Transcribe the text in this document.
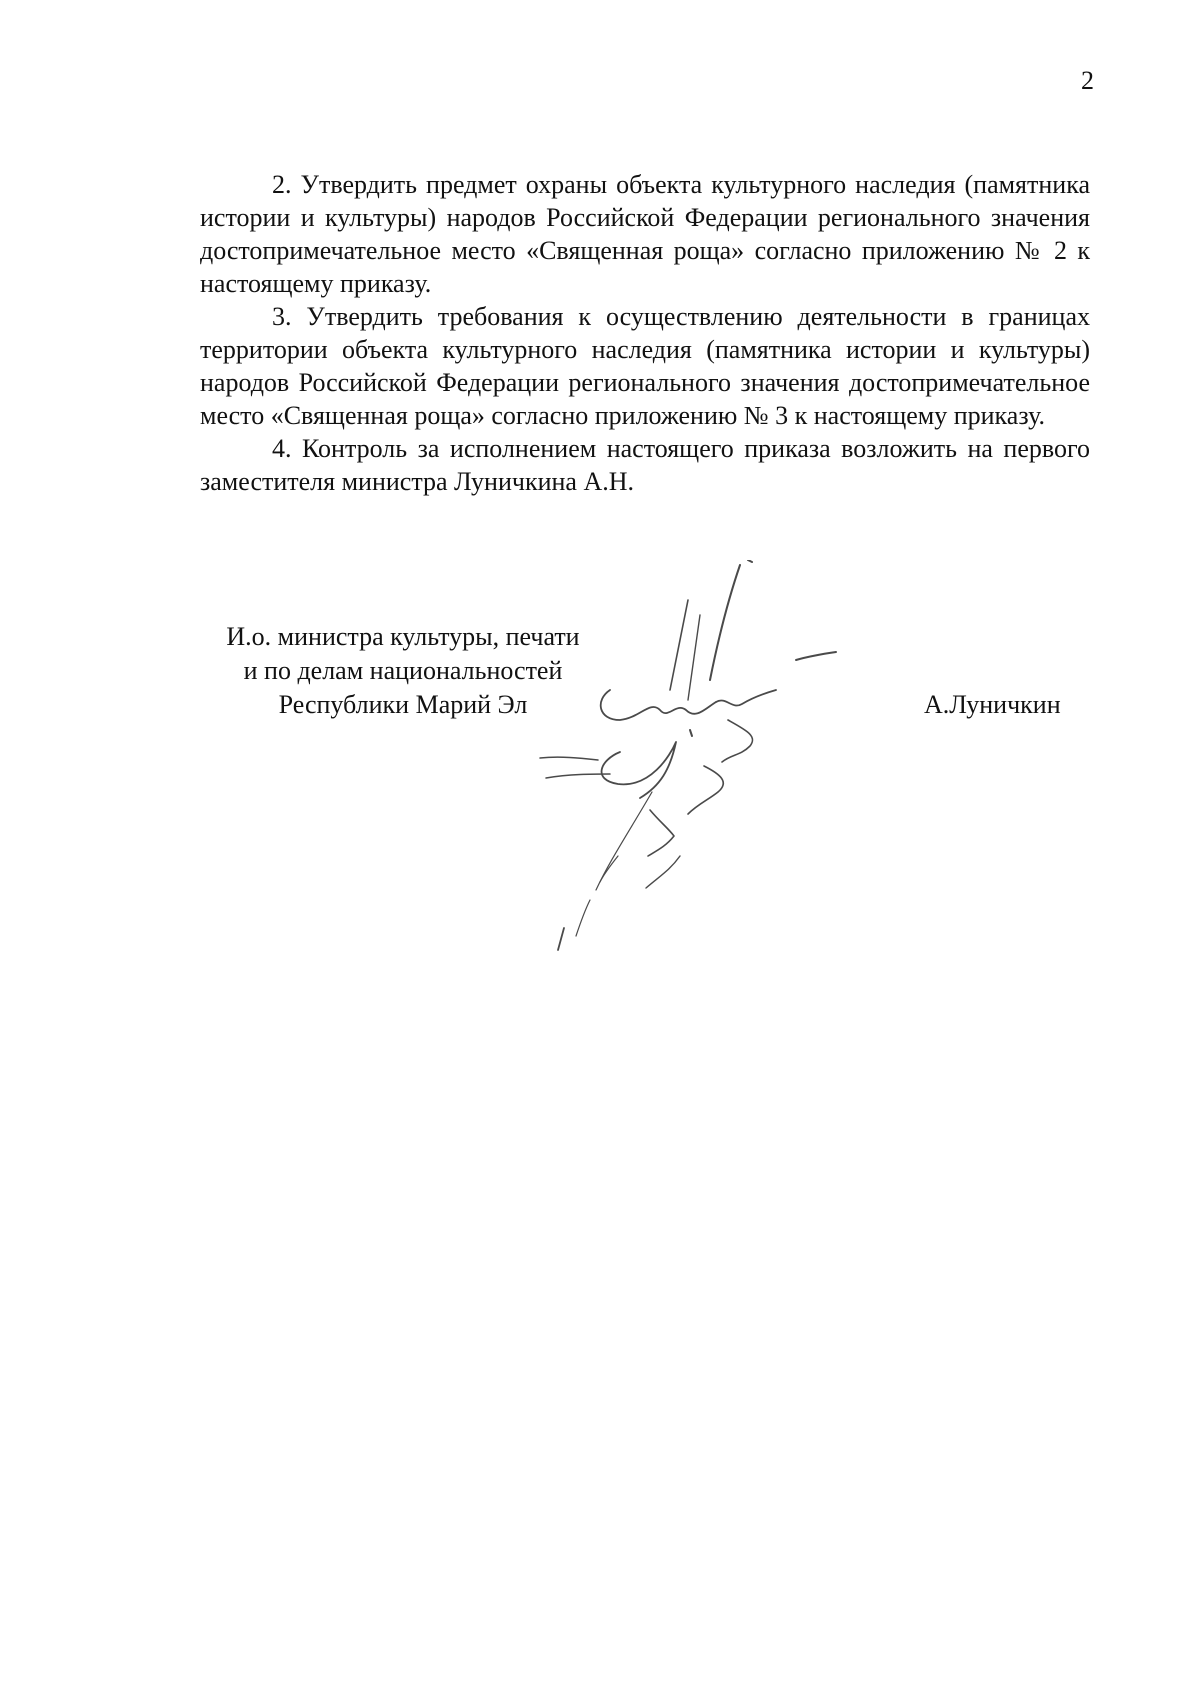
2

2. Утвердить предмет охраны объекта культурного наследия (памятника истории и культуры) народов Российской Федерации регионального значения достопримечательное место «Священная роща» согласно приложению № 2 к настоящему приказу.

3. Утвердить требования к осуществлению деятельности в границах территории объекта культурного наследия (памятника истории и культуры) народов Российской Федерации регионального значения достопримечательное место «Священная роща» согласно приложению № 3 к настоящему приказу.

4. Контроль за исполнением настоящего приказа возложить на первого заместителя министра Луничкина А.Н.

И.о. министра культуры, печати
и по делам национальностей
Республики Марий Эл	А.Луничкин
